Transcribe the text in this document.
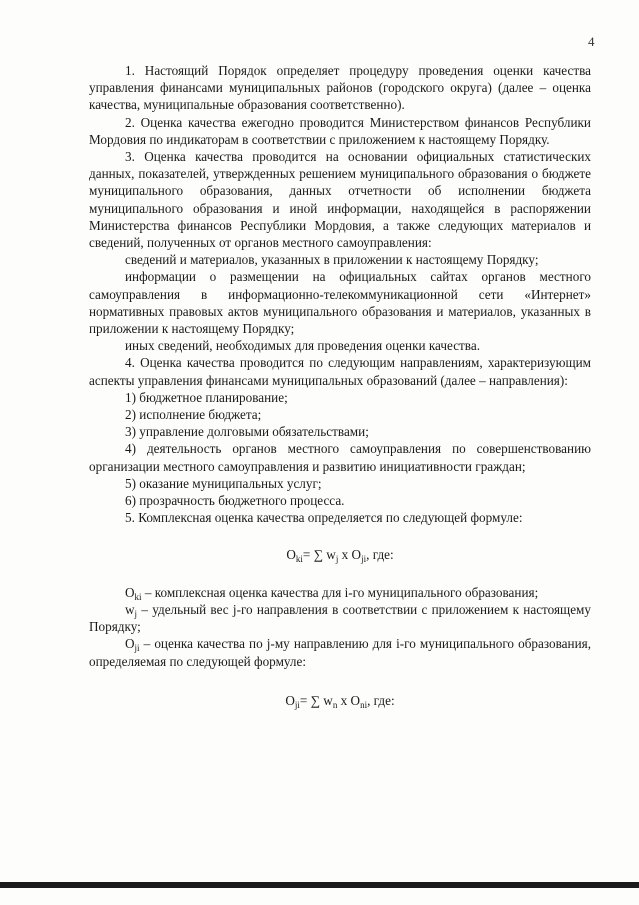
4

1. Настоящий Порядок определяет процедуру проведения оценки качества управления финансами муниципальных районов (городского округа) (далее – оценка качества, муниципальные образования соответственно).

2. Оценка качества ежегодно проводится Министерством финансов Республики Мордовия по индикаторам в соответствии с приложением к настоящему Порядку.

3. Оценка качества проводится на основании официальных статистических данных, показателей, утвержденных решением муниципального образования о бюджете муниципального образования, данных отчетности об исполнении бюджета муниципального образования и иной информации, находящейся в распоряжении Министерства финансов Республики Мордовия, а также следующих материалов и сведений, полученных от органов местного самоуправления:

сведений и материалов, указанных в приложении к настоящему Порядку;

информации о размещении на официальных сайтах органов местного самоуправления в информационно-телекоммуникационной сети «Интернет» нормативных правовых актов муниципального образования и материалов, указанных в приложении к настоящему Порядку;

иных сведений, необходимых для проведения оценки качества.

4. Оценка качества проводится по следующим направлениям, характеризующим аспекты управления финансами муниципальных образований (далее – направления):

1) бюджетное планирование;

2) исполнение бюджета;

3) управление долговыми обязательствами;

4) деятельность органов местного самоуправления по совершенствованию организации местного самоуправления и развитию инициативности граждан;

5) оказание муниципальных услуг;

6) прозрачность бюджетного процесса.

5. Комплексная оценка качества определяется по следующей формуле:

$O_{ki}=$ ∑ $w_j$ x $O_{ji}$, где:

$O_{ki}$ – комплексная оценка качества для i-го муниципального образования;

$w_j$ – удельный вес j-го направления в соответствии с приложением к настоящему Порядку;

$O_{ji}$ – оценка качества по j-му направлению для i-го муниципального образования, определяемая по следующей формуле:

$O_{ji}=$ ∑ $w_n$ x $O_{ni}$, где:
